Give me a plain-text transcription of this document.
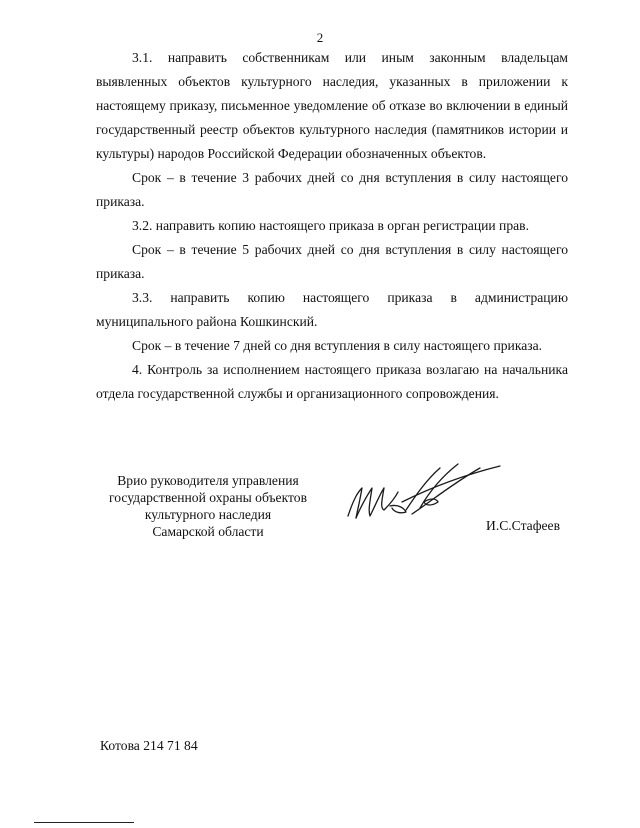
2

3.1. направить собственникам или иным законным владельцам выявленных объектов культурного наследия, указанных в приложении к настоящему приказу, письменное уведомление об отказе во включении в единый государственный реестр объектов культурного наследия (памятников истории и культуры) народов Российской Федерации обозначенных объектов.

Срок – в течение 3 рабочих дней со дня вступления в силу настоящего приказа.

3.2. направить копию настоящего приказа в орган регистрации прав.

Срок – в течение 5 рабочих дней со дня вступления в силу настоящего приказа.

3.3. направить копию настоящего приказа в администрацию муниципального района Кошкинский.

Срок – в течение 7 дней со дня вступления в силу настоящего приказа.

4. Контроль за исполнением настоящего приказа возлагаю на начальника отдела государственной службы и организационного сопровождения.

Врио руководителя управления
государственной охраны объектов
культурного наследия
Самарской области	И.С.Стафеев
Котова 214 71 84
